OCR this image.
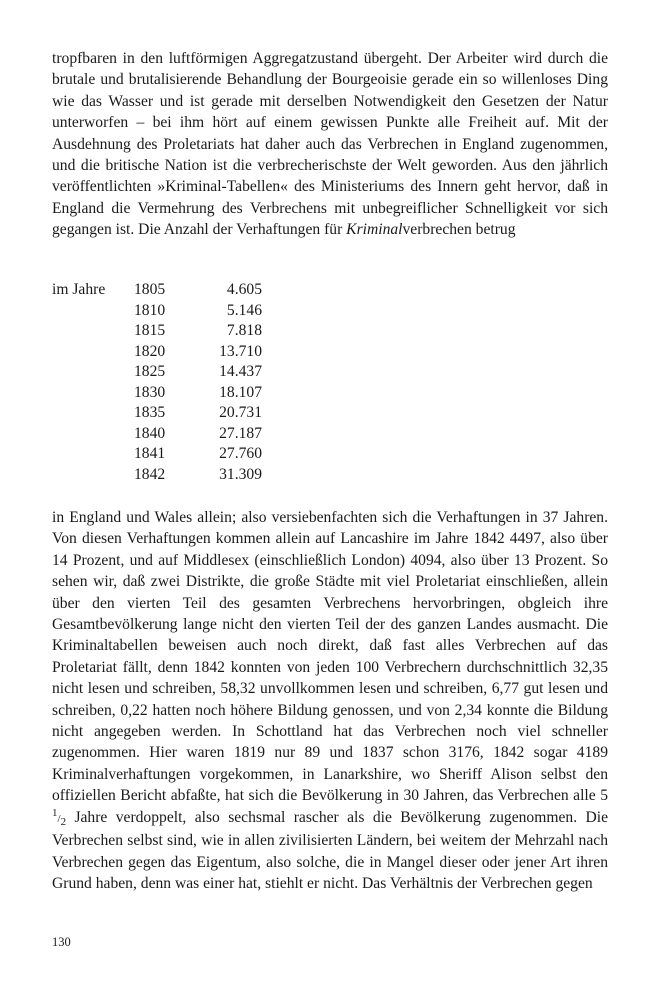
tropfbaren in den luftförmigen Aggregatzustand übergeht. Der Arbeiter wird durch die brutale und brutalisierende Behandlung der Bourgeoisie gerade ein so willenloses Ding wie das Wasser und ist gerade mit derselben Notwendigkeit den Gesetzen der Natur unterworfen – bei ihm hört auf einem gewissen Punkte alle Freiheit auf. Mit der Ausdehnung des Proletariats hat daher auch das Verbrechen in England zugenommen, und die britische Nation ist die verbrecherischste der Welt geworden. Aus den jährlich veröffentlichten »Kriminal-Tabellen« des Ministeriums des Innern geht hervor, daß in England die Vermehrung des Verbrechens mit unbegreiflicher Schnelligkeit vor sich gegangen ist. Die Anzahl der Verhaftungen für Kriminalverbrechen betrug

im Jahre	1805	4.605
1810	5.146
1815	7.818
1820	13.710
1825	14.437
1830	18.107
1835	20.731
1840	27.187
1841	27.760
1842	31.309

in England und Wales allein; also versiebenfachten sich die Verhaftungen in 37 Jahren. Von diesen Verhaftungen kommen allein auf Lancashire im Jahre 1842 4497, also über 14 Prozent, und auf Middlesex (einschließlich London) 4094, also über 13 Prozent. So sehen wir, daß zwei Distrikte, die große Städte mit viel Proletariat einschließen, allein über den vierten Teil des gesamten Verbrechens hervorbringen, obgleich ihre Gesamtbevölkerung lange nicht den vierten Teil der des ganzen Landes ausmacht. Die Kriminaltabellen beweisen auch noch direkt, daß fast alles Verbrechen auf das Proletariat fällt, denn 1842 konnten von jeden 100 Verbrechern durchschnittlich 32,35 nicht lesen und schreiben, 58,32 unvollkommen lesen und schreiben, 6,77 gut lesen und schreiben, 0,22 hatten noch höhere Bildung genossen, und von 2,34 konnte die Bildung nicht angegeben werden. In Schottland hat das Verbrechen noch viel schneller zugenommen. Hier waren 1819 nur 89 und 1837 schon 3176, 1842 sogar 4189 Kriminalverhaftungen vorgekommen, in Lanarkshire, wo Sheriff Alison selbst den offiziellen Bericht abfaßte, hat sich die Bevölkerung in 30 Jahren, das Verbrechen alle 5 1/2 Jahre verdoppelt, also sechsmal rascher als die Bevölkerung zugenommen. Die Verbrechen selbst sind, wie in allen zivilisierten Ländern, bei weitem der Mehrzahl nach Verbrechen gegen das Eigentum, also solche, die in Mangel dieser oder jener Art ihren Grund haben, denn was einer hat, stiehlt er nicht. Das Verhältnis der Verbrechen gegen

130
